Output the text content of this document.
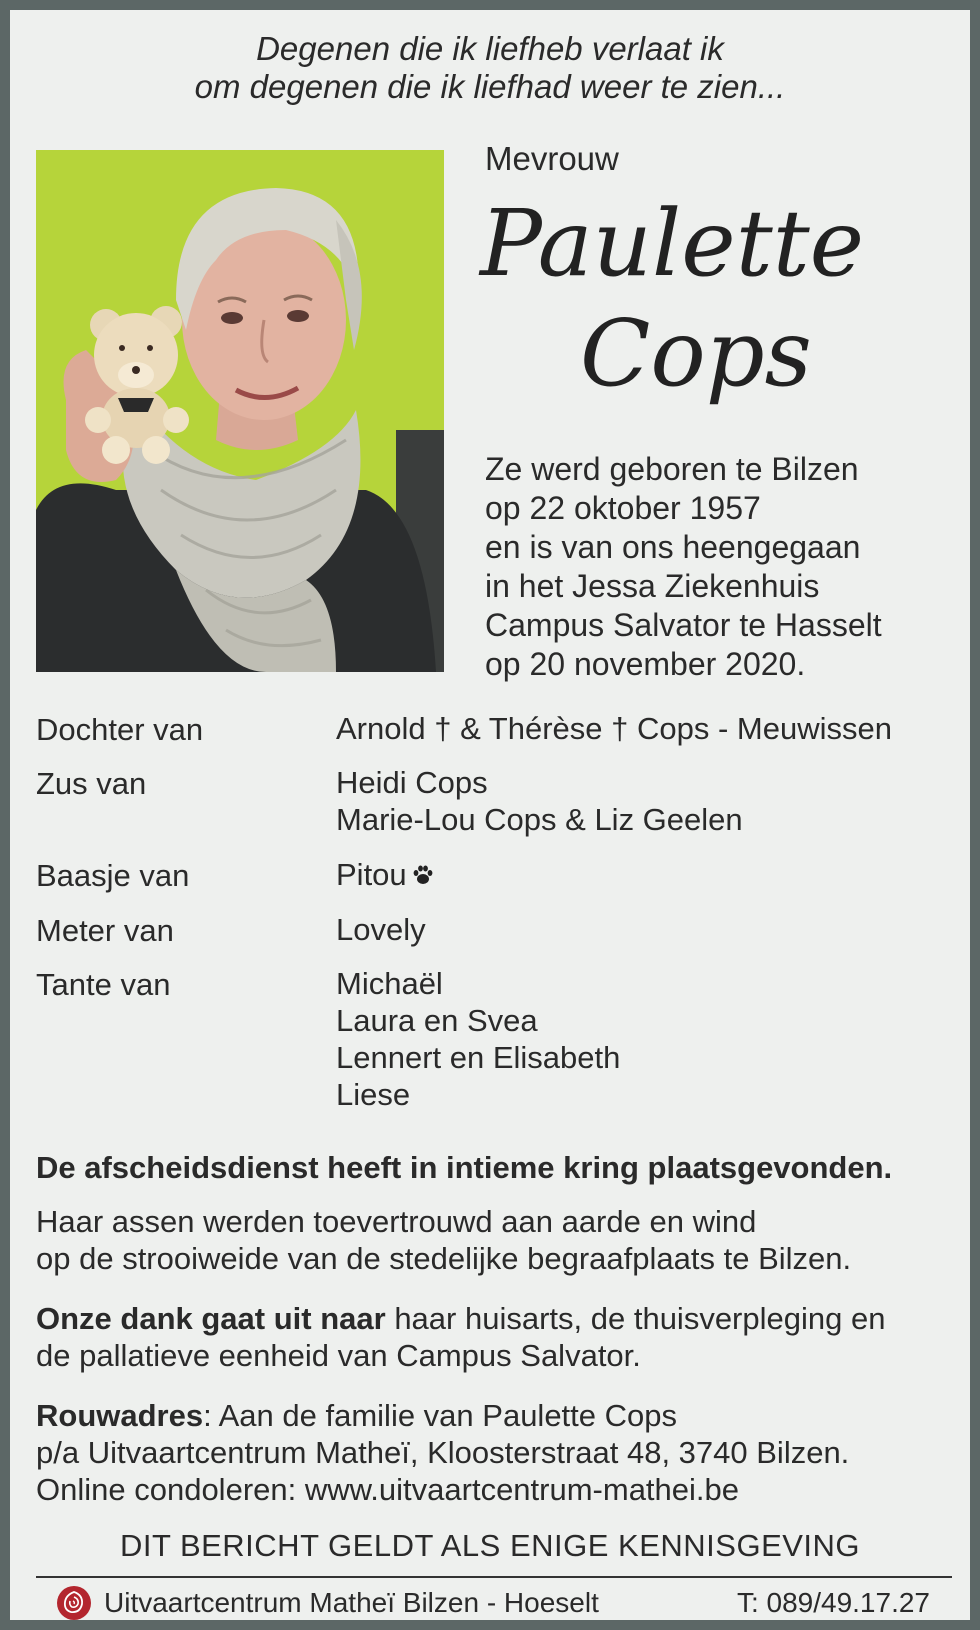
Degenen die ik liefheb verlaat ik
om degenen die ik liefhad weer te zien...
Mevrouw
Paulette
Cops
Ze werd geboren te Bilzen
op 22 oktober 1957
en is van ons heengegaan
in het Jessa Ziekenhuis
Campus Salvator te Hasselt
op 20 november 2020.
Dochter van	Arnold † & Thérèse † Cops - Meuwissen
Zus van	Heidi Cops
Marie-Lou Cops & Liz Geelen
Baasje van	Pitou
Meter van	Lovely
Tante van	Michaël
Laura en Svea
Lennert en Elisabeth
Liese
De afscheidsdienst heeft in intieme kring plaatsgevonden.
Haar assen werden toevertrouwd aan aarde en wind
op de strooiweide van de stedelijke begraafplaats te Bilzen.
Onze dank gaat uit naar haar huisarts, de thuisverpleging en
de pallatieve eenheid van Campus Salvator.
Rouwadres: Aan de familie van Paulette Cops
p/a Uitvaartcentrum Matheï, Kloosterstraat 48, 3740 Bilzen.
Online condoleren: www.uitvaartcentrum-mathei.be
DIT BERICHT GELDT ALS ENIGE KENNISGEVING
Uitvaartcentrum Matheï Bilzen - Hoeselt	T: 089/49.17.27
